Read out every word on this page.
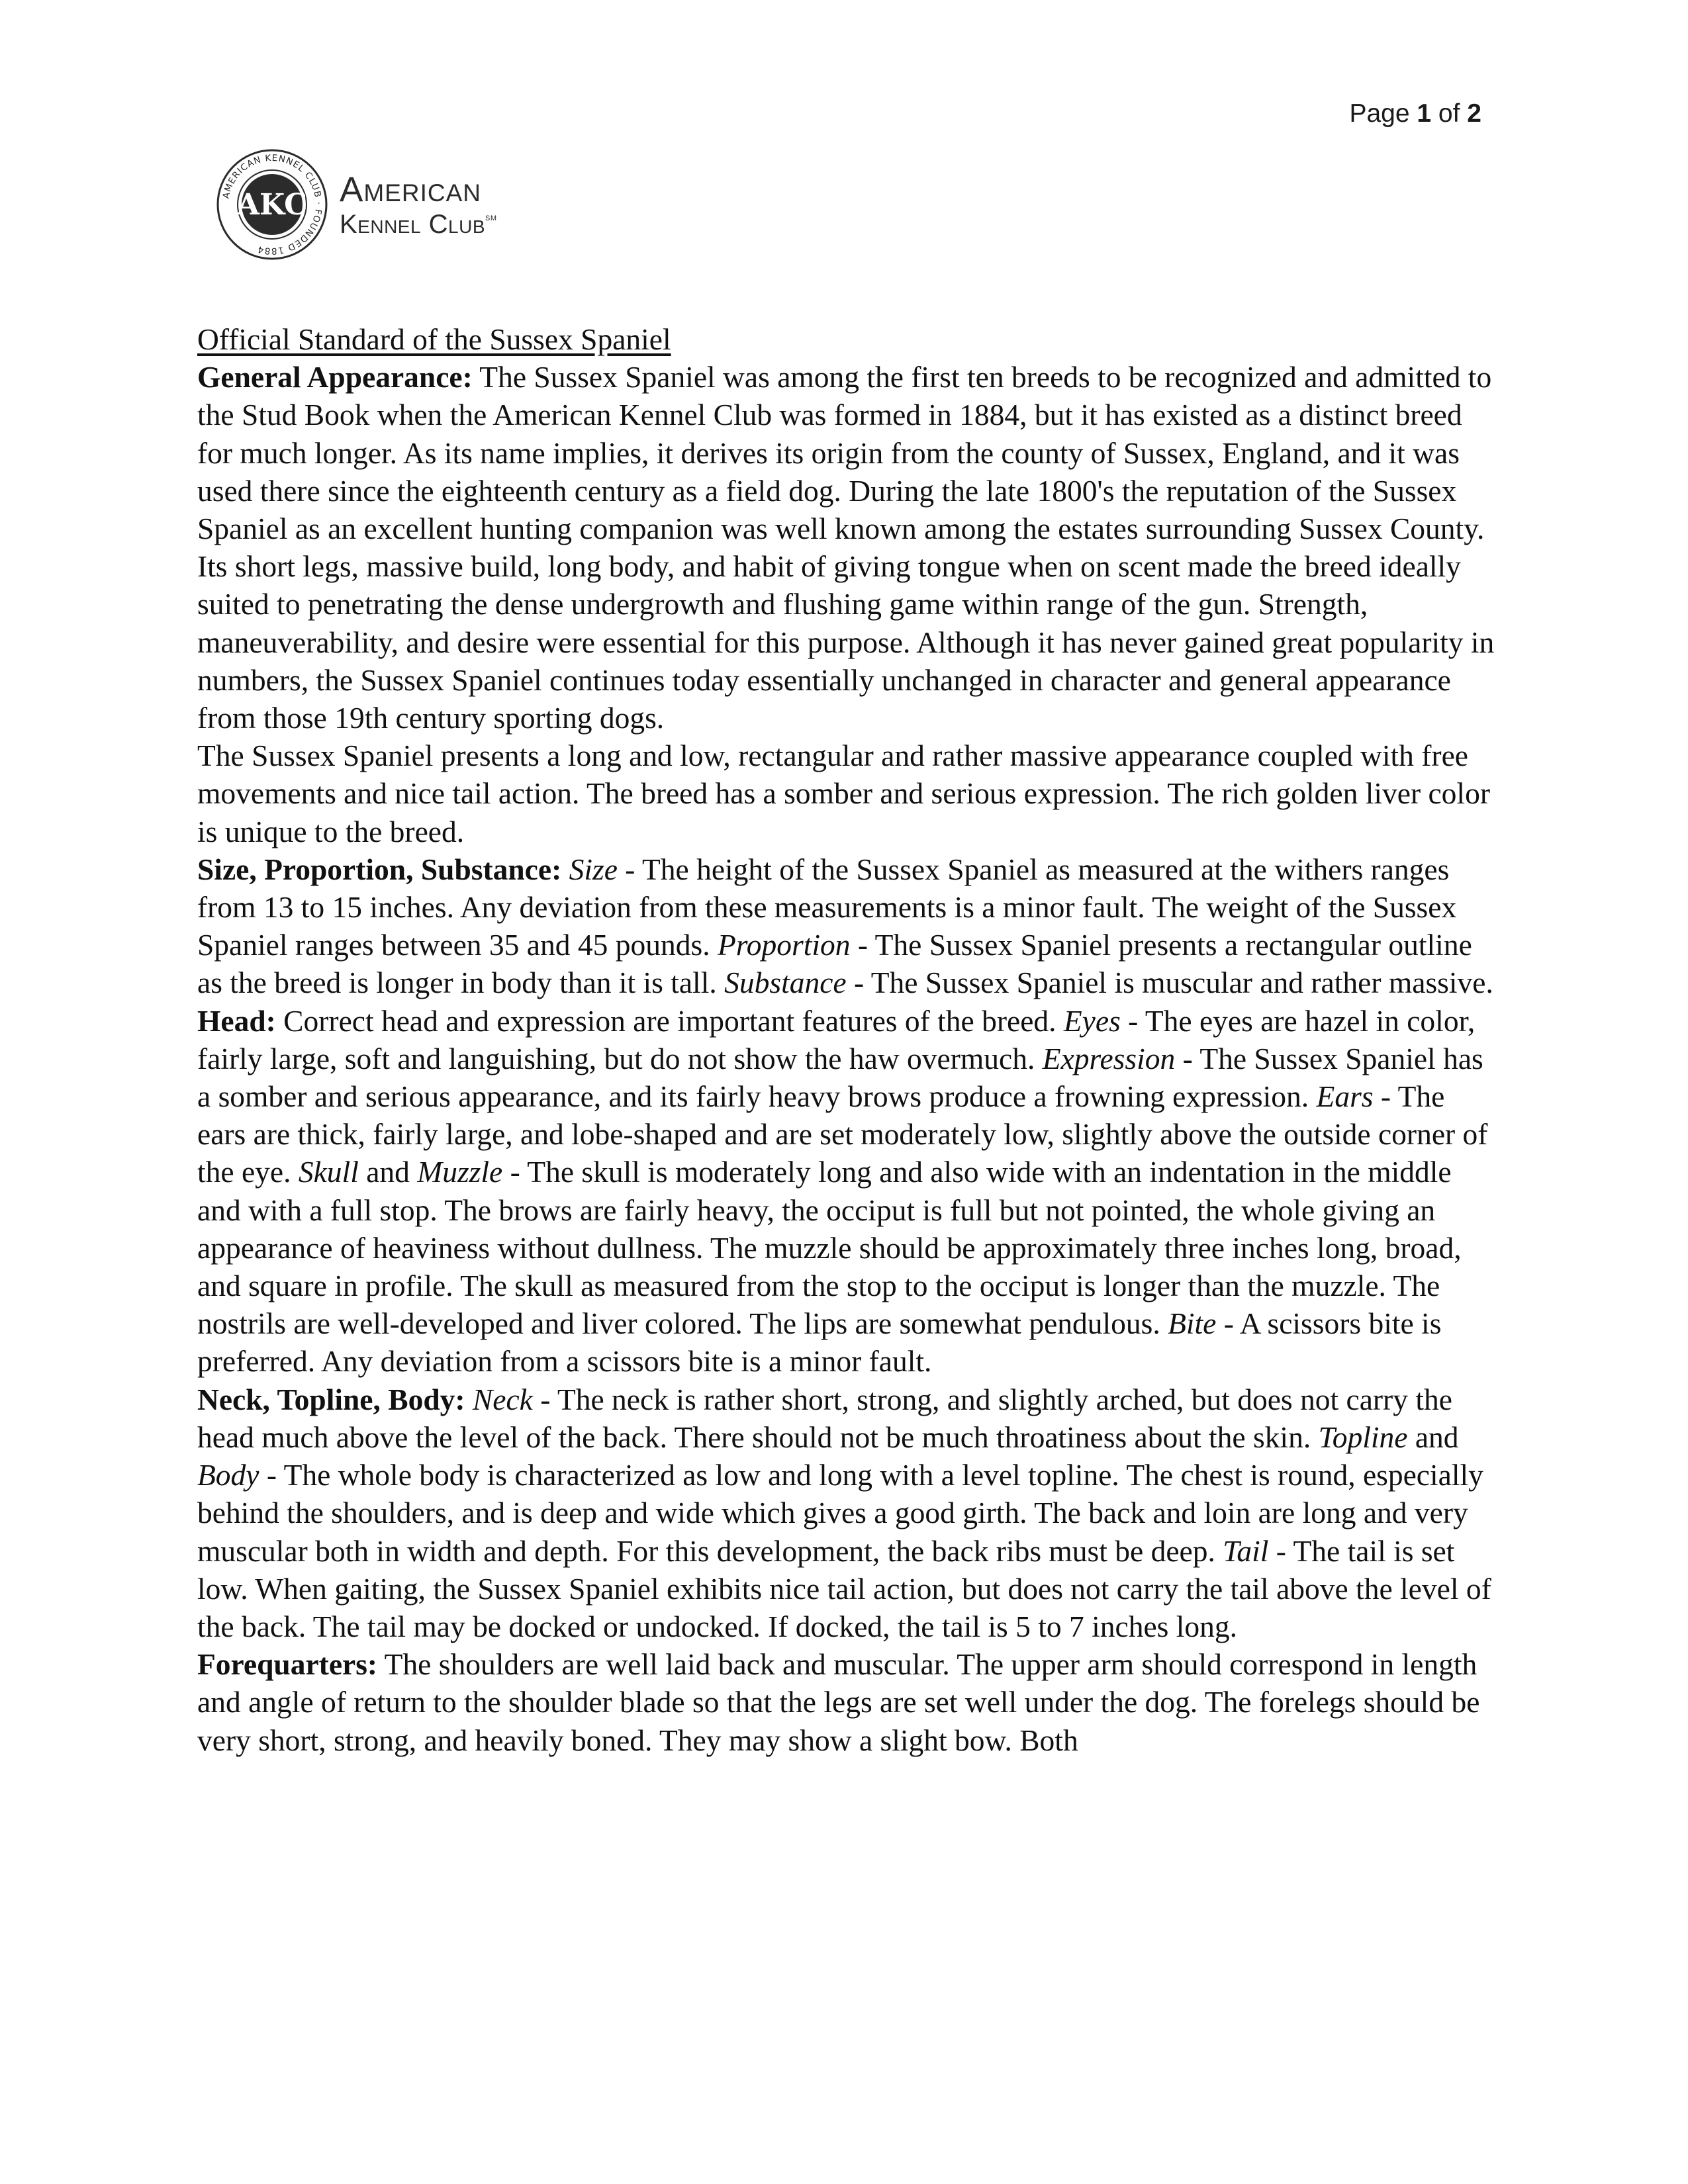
Page 1 of 2
AMERICAN KENNEL CLUB · FOUNDED 1884
AKC American
Kennel Club℠
Official Standard of the Sussex Spaniel

General Appearance: The Sussex Spaniel was among the first ten breeds to be recognized and admitted to the Stud Book when the American Kennel Club was formed in 1884, but it has existed as a distinct breed for much longer. As its name implies, it derives its origin from the county of Sussex, England, and it was used there since the eighteenth century as a field dog. During the late 1800's the reputation of the Sussex Spaniel as an excellent hunting companion was well known among the estates surrounding Sussex County. Its short legs, massive build, long body, and habit of giving tongue when on scent made the breed ideally suited to penetrating the dense undergrowth and flushing game within range of the gun. Strength, maneuverability, and desire were essential for this purpose. Although it has never gained great popularity in numbers, the Sussex Spaniel continues today essentially unchanged in character and general appearance from those 19th century sporting dogs.

The Sussex Spaniel presents a long and low, rectangular and rather massive appearance coupled with free movements and nice tail action. The breed has a somber and serious expression. The rich golden liver color is unique to the breed.

Size, Proportion, Substance: Size - The height of the Sussex Spaniel as measured at the withers ranges from 13 to 15 inches. Any deviation from these measurements is a minor fault. The weight of the Sussex Spaniel ranges between 35 and 45 pounds. Proportion - The Sussex Spaniel presents a rectangular outline as the breed is longer in body than it is tall. Substance - The Sussex Spaniel is muscular and rather massive.

Head: Correct head and expression are important features of the breed. Eyes - The eyes are hazel in color, fairly large, soft and languishing, but do not show the haw overmuch. Expression - The Sussex Spaniel has a somber and serious appearance, and its fairly heavy brows produce a frowning expression. Ears - The ears are thick, fairly large, and lobe-shaped and are set moderately low, slightly above the outside corner of the eye. Skull and Muzzle - The skull is moderately long and also wide with an indentation in the middle and with a full stop. The brows are fairly heavy, the occiput is full but not pointed, the whole giving an appearance of heaviness without dullness. The muzzle should be approximately three inches long, broad, and square in profile. The skull as measured from the stop to the occiput is longer than the muzzle. The nostrils are well-developed and liver colored. The lips are somewhat pendulous. Bite - A scissors bite is preferred. Any deviation from a scissors bite is a minor fault.

Neck, Topline, Body: Neck - The neck is rather short, strong, and slightly arched, but does not carry the head much above the level of the back. There should not be much throatiness about the skin. Topline and Body - The whole body is characterized as low and long with a level topline. The chest is round, especially behind the shoulders, and is deep and wide which gives a good girth. The back and loin are long and very muscular both in width and depth. For this development, the back ribs must be deep. Tail - The tail is set low. When gaiting, the Sussex Spaniel exhibits nice tail action, but does not carry the tail above the level of the back. The tail may be docked or undocked. If docked, the tail is 5 to 7 inches long.

Forequarters: The shoulders are well laid back and muscular. The upper arm should correspond in length and angle of return to the shoulder blade so that the legs are set well under the dog. The forelegs should be very short, strong, and heavily boned. They may show a slight bow. Both
